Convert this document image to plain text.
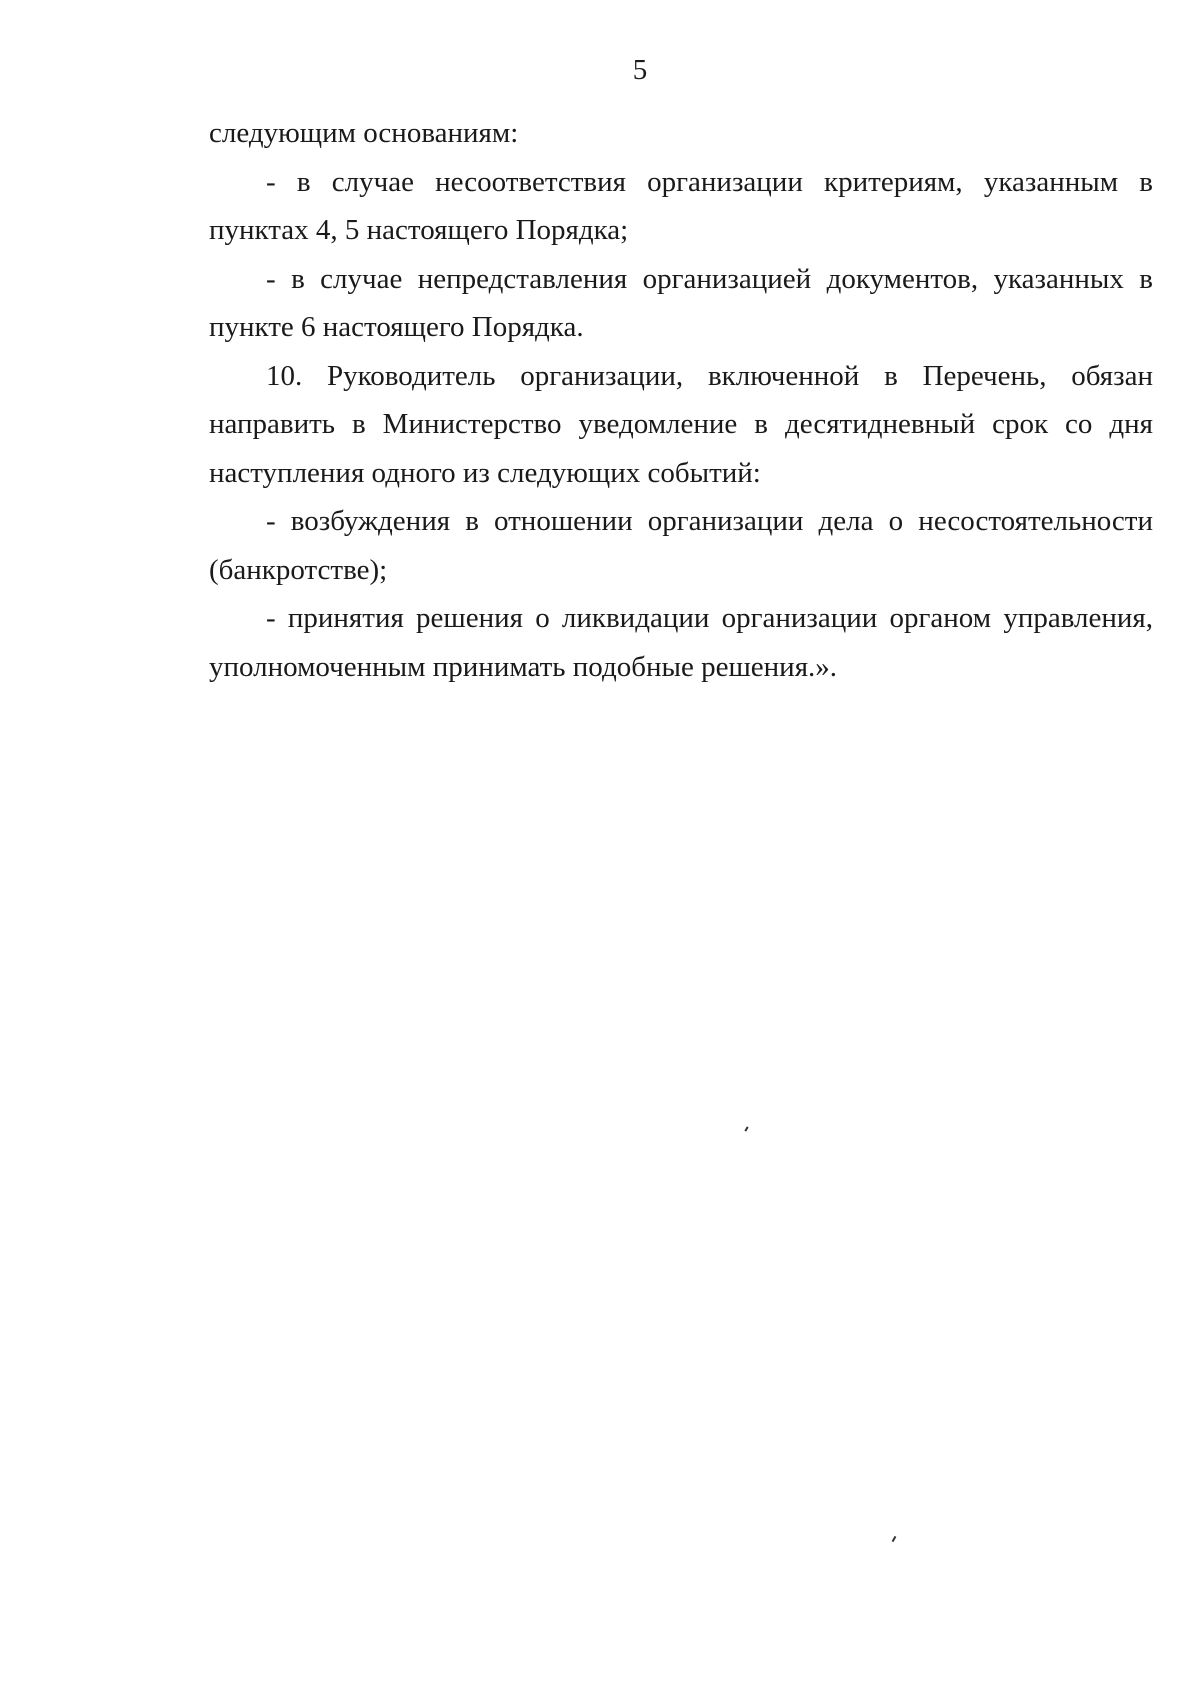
5

следующим основаниям:

- в случае несоответствия организации критериям, указанным в пунктах 4, 5 настоящего Порядка;

- в случае непредставления организацией документов, указанных в пункте 6 настоящего Порядка.

10. Руководитель организации, включенной в Перечень, обязан направить в Министерство уведомление в десятидневный срок со дня наступления одного из следующих событий:

- возбуждения в отношении организации дела о несостоятельности (банкротстве);

- принятия решения о ликвидации организации органом управления, уполномоченным принимать подобные решения.».
